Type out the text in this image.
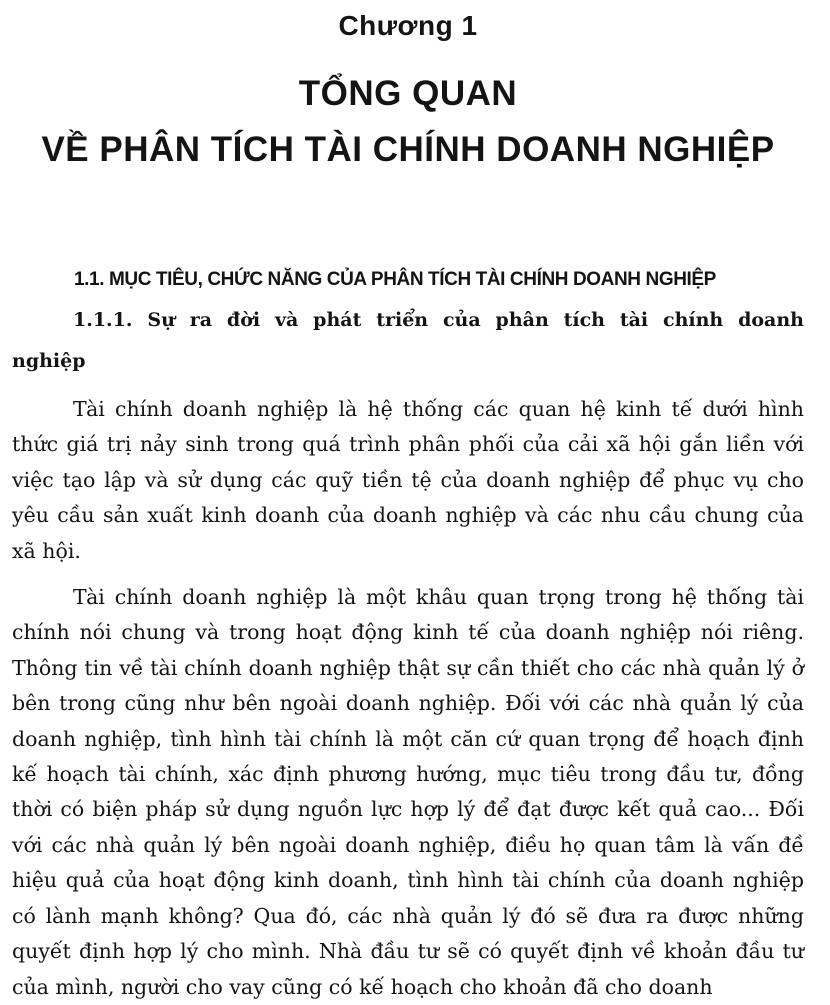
Chương 1
TỔNG QUAN
VỀ PHÂN TÍCH TÀI CHÍNH DOANH NGHIỆP
1.1. MỤC TIÊU, CHỨC NĂNG CỦA PHÂN TÍCH TÀI CHÍNH DOANH NGHIỆP
1.1.1. Sự ra đời và phát triển của phân tích tài chính doanh nghiệp

Tài chính doanh nghiệp là hệ thống các quan hệ kinh tế dưới hình thức giá trị nảy sinh trong quá trình phân phối của cải xã hội gắn liền với việc tạo lập và sử dụng các quỹ tiền tệ của doanh nghiệp để phục vụ cho yêu cầu sản xuất kinh doanh của doanh nghiệp và các nhu cầu chung của xã hội.

Tài chính doanh nghiệp là một khâu quan trọng trong hệ thống tài chính nói chung và trong hoạt động kinh tế của doanh nghiệp nói riêng. Thông tin về tài chính doanh nghiệp thật sự cần thiết cho các nhà quản lý ở bên trong cũng như bên ngoài doanh nghiệp. Đối với các nhà quản lý của doanh nghiệp, tình hình tài chính là một căn cứ quan trọng để hoạch định kế hoạch tài chính, xác định phương hướng, mục tiêu trong đầu tư, đồng thời có biện pháp sử dụng nguồn lực hợp lý để đạt được kết quả cao... Đối với các nhà quản lý bên ngoài doanh nghiệp, điều họ quan tâm là vấn đề hiệu quả của hoạt động kinh doanh, tình hình tài chính của doanh nghiệp có lành mạnh không? Qua đó, các nhà quản lý đó sẽ đưa ra được những quyết định hợp lý cho mình. Nhà đầu tư sẽ có quyết định về khoản đầu tư của mình, người cho vay cũng có kế hoạch cho khoản đã cho doanh
